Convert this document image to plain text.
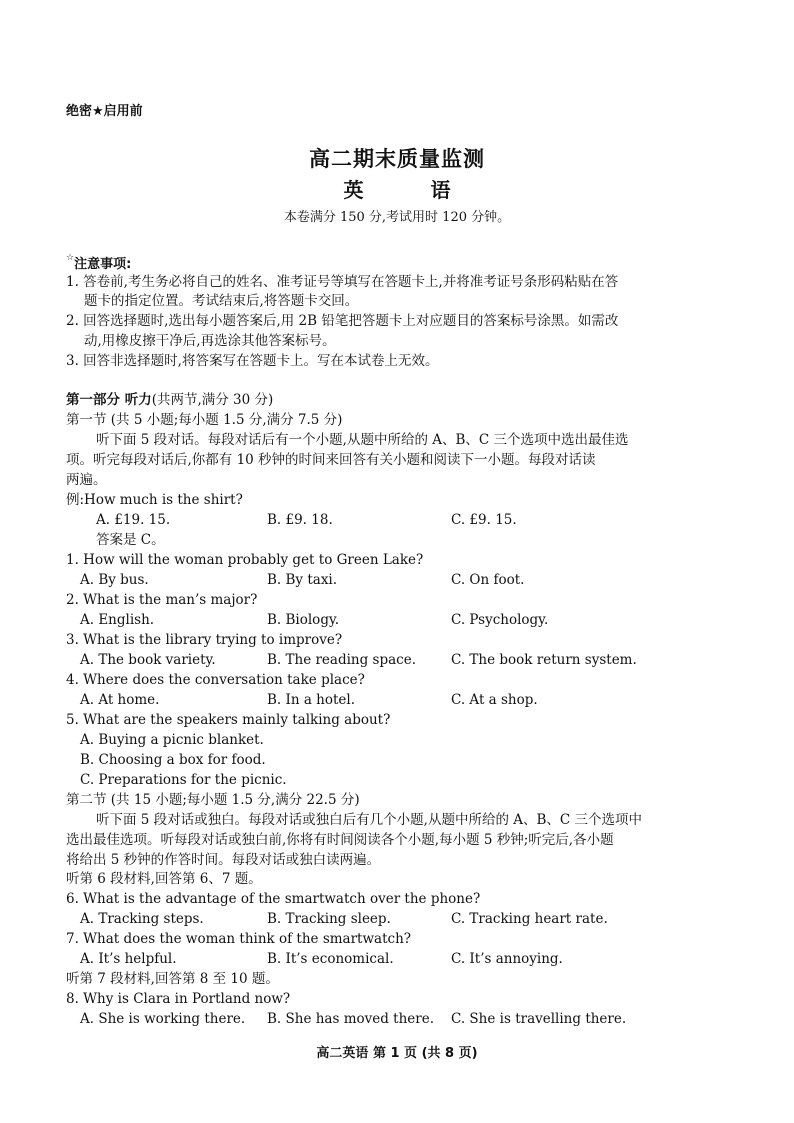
绝密★启用前
高二期末质量监测
英 语
本卷满分 150 分,考试用时 120 分钟。
☆注意事项:
1. 答卷前,考生务必将自己的姓名、准考证号等填写在答题卡上,并将准考证号条形码粘贴在答
题卡的指定位置。考试结束后,将答题卡交回。
2. 回答选择题时,选出每小题答案后,用 2B 铅笔把答题卡上对应题目的答案标号涂黑。如需改
动,用橡皮擦干净后,再选涂其他答案标号。
3. 回答非选择题时,将答案写在答题卡上。写在本试卷上无效。
第一部分 听力(共两节,满分 30 分)
第一节 (共 5 小题;每小题 1.5 分,满分 7.5 分)
听下面 5 段对话。每段对话后有一个小题,从题中所给的 A、B、C 三个选项中选出最佳选
项。听完每段对话后,你都有 10 秒钟的时间来回答有关小题和阅读下一小题。每段对话读
两遍。
例:How much is the shirt?
A. £19. 15.	B. £9. 18.	C. £9. 15.
答案是 C。
1. How will the woman probably get to Green Lake?
A. By bus.	B. By taxi.	C. On foot.
2. What is the man’s major?
A. English.	B. Biology.	C. Psychology.
3. What is the library trying to improve?
A. The book variety.	B. The reading space.	C. The book return system.
4. Where does the conversation take place?
A. At home.	B. In a hotel.	C. At a shop.
5. What are the speakers mainly talking about?
A. Buying a picnic blanket.
B. Choosing a box for food.
C. Preparations for the picnic.
第二节 (共 15 小题;每小题 1.5 分,满分 22.5 分)
听下面 5 段对话或独白。每段对话或独白后有几个小题,从题中所给的 A、B、C 三个选项中
选出最佳选项。听每段对话或独白前,你将有时间阅读各个小题,每小题 5 秒钟;听完后,各小题
将给出 5 秒钟的作答时间。每段对话或独白读两遍。
听第 6 段材料,回答第 6、7 题。
6. What is the advantage of the smartwatch over the phone?
A. Tracking steps.	B. Tracking sleep.	C. Tracking heart rate.
7. What does the woman think of the smartwatch?
A. It’s helpful.	B. It’s economical.	C. It’s annoying.
听第 7 段材料,回答第 8 至 10 题。
8. Why is Clara in Portland now?
A. She is working there. B. She has moved there. C. She is travelling there.
高二英语 第 1 页 (共 8 页)
